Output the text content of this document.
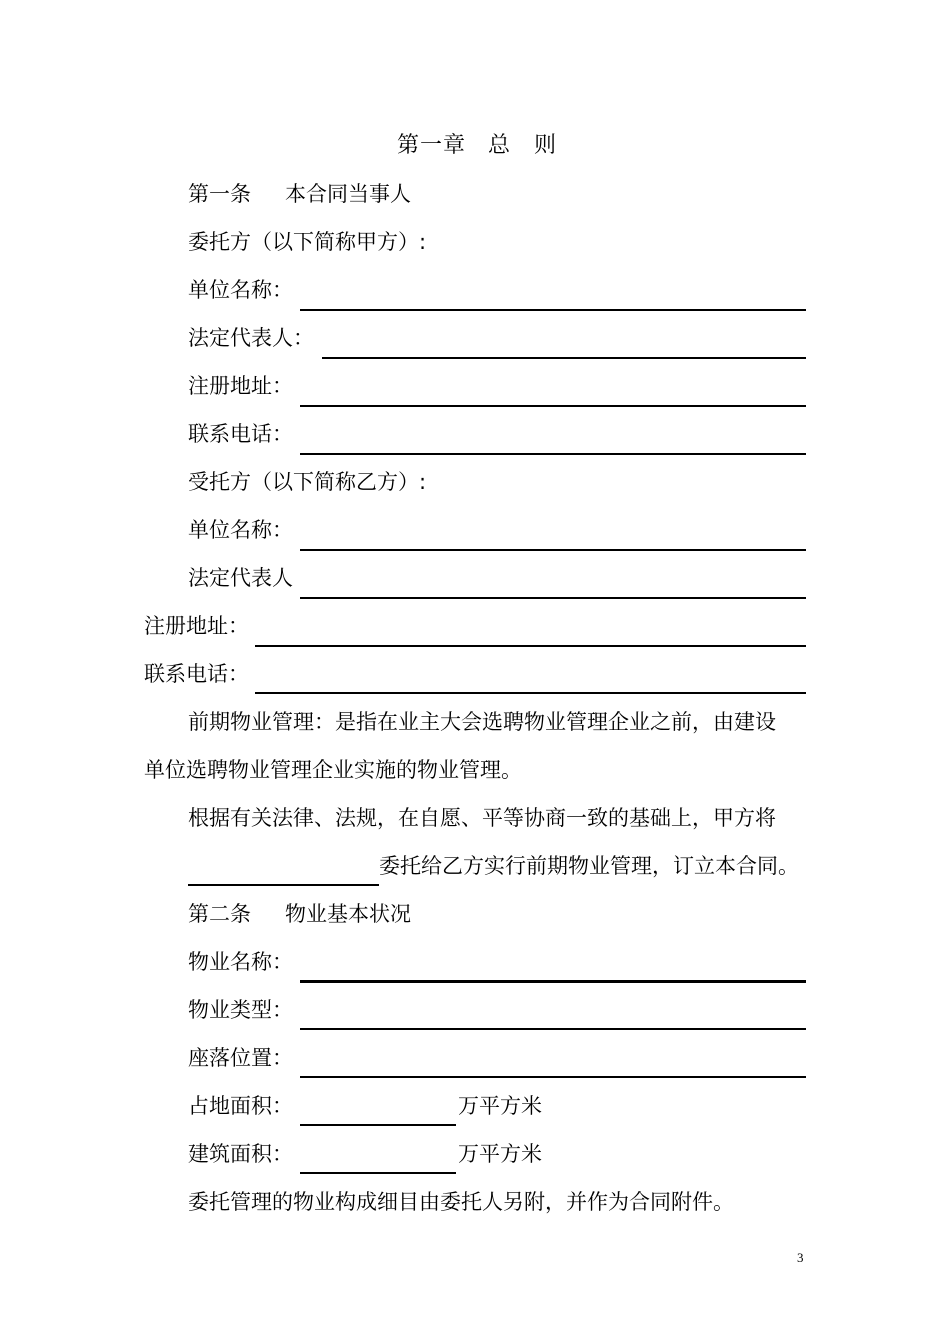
第一章 总　则
第一条 本合同当事人
委托方（以下简称甲方）:
单位名称：
法定代表人：
注册地址：
联系电话：
受托方（以下简称乙方）:
单位名称：
法定代表人
注册地址：
联系电话：
前期物业管理：是指在业主大会选聘物业管理企业之前，由建设
单位选聘物业管理企业实施的物业管理。
根据有关法律、法规，在自愿、平等协商一致的基础上，甲方将
委托给乙方实行前期物业管理，订立本合同。
第二条 物业基本状况
物业名称：
物业类型：
座落位置：
占地面积：	万平方米
建筑面积：	万平方米
委托管理的物业构成细目由委托人另附，并作为合同附件。
3
